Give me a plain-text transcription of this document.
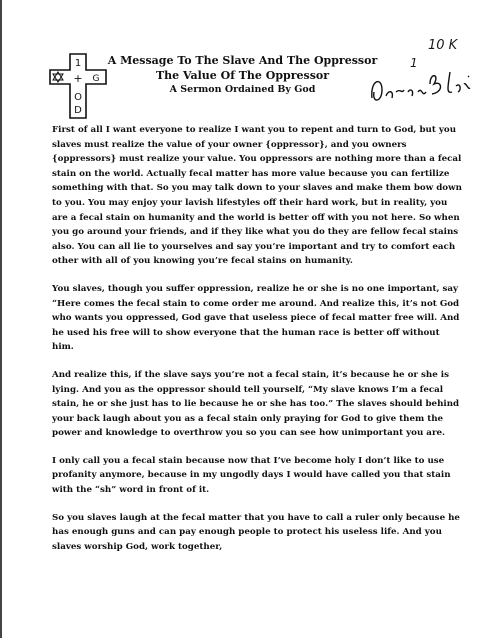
1
+ G
O
D
10 K
1
A Message To The Slave And The Oppressor
The Value Of The Oppressor
A Sermon Ordained By God

First of all I want everyone to realize I want you to repent and turn to God, but you slaves must realize the value of your owner {oppressor}, and you owners {oppressors} must realize your value. You oppressors are nothing more than a fecal stain on the world. Actually fecal matter has more value because you can fertilize something with that. So you may talk down to your slaves and make them bow down to you. You may enjoy your lavish lifestyles off their hard work, but in reality, you are a fecal stain on humanity and the world is better off with you not here. So when you go around your friends, and if they like what you do they are fellow fecal stains also. You can all lie to yourselves and say you’re important and try to comfort each other with all of you knowing you’re fecal stains on humanity.

You slaves, though you suffer oppression, realize he or she is no one important, say “Here comes the fecal stain to come order me around. And realize this, it’s not God who wants you oppressed, God gave that useless piece of fecal matter free will. And he used his free will to show everyone that the human race is better off without him.

And realize this, if the slave says you’re not a fecal stain, it’s because he or she is lying. And you as the oppressor should tell yourself, “My slave knows I’m a fecal stain, he or she just has to lie because he or she has too.” The slaves should behind your back laugh about you as a fecal stain only praying for God to give them the power and knowledge to overthrow you so you can see how unimportant you are.

I only call you a fecal stain because now that I’ve become holy I don’t like to use profanity anymore, because in my ungodly days I would have called you that stain with the “sh” word in front of it.

So you slaves laugh at the fecal matter that you have to call a ruler only because he has enough guns and can pay enough people to protect his useless life. And you slaves worship God, work together,
